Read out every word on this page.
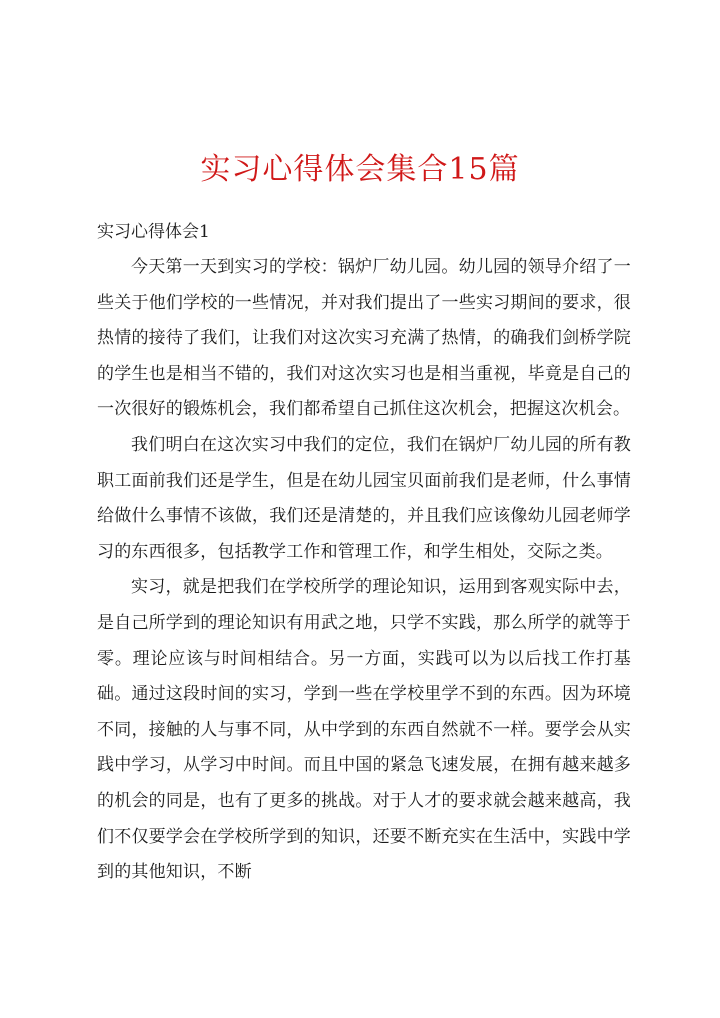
实习心得体会集合15篇
实习心得体会1

今天第一天到实习的学校：锅炉厂幼儿园。幼儿园的领导介绍了一些关于他们学校的一些情况，并对我们提出了一些实习期间的要求，很热情的接待了我们，让我们对这次实习充满了热情，的确我们剑桥学院的学生也是相当不错的，我们对这次实习也是相当重视，毕竟是自己的一次很好的锻炼机会，我们都希望自己抓住这次机会，把握这次机会。

我们明白在这次实习中我们的定位，我们在锅炉厂幼儿园的所有教职工面前我们还是学生，但是在幼儿园宝贝面前我们是老师，什么事情给做什么事情不该做，我们还是清楚的，并且我们应该像幼儿园老师学习的东西很多，包括教学工作和管理工作，和学生相处，交际之类。

实习，就是把我们在学校所学的理论知识，运用到客观实际中去，是自己所学到的理论知识有用武之地，只学不实践，那么所学的就等于零。理论应该与时间相结合。另一方面，实践可以为以后找工作打基础。通过这段时间的实习，学到一些在学校里学不到的东西。因为环境不同，接触的人与事不同，从中学到的东西自然就不一样。要学会从实践中学习，从学习中时间。而且中国的紧急飞速发展，在拥有越来越多的机会的同是，也有了更多的挑战。对于人才的要求就会越来越高，我们不仅要学会在学校所学到的知识，还要不断充实在生活中，实践中学到的其他知识，不断
